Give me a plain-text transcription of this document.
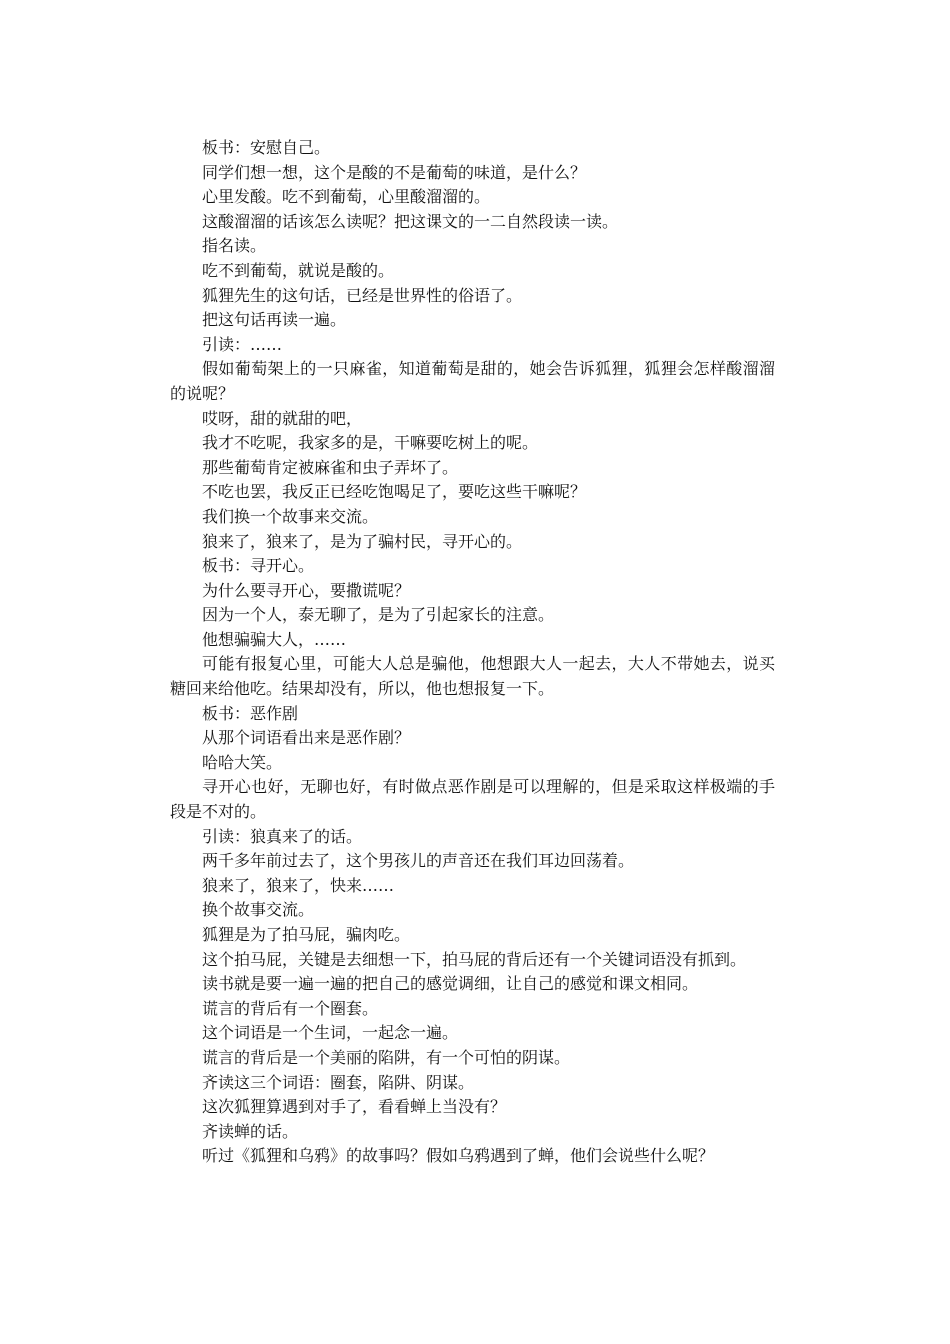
板书：安慰自己。

同学们想一想，这个是酸的不是葡萄的味道，是什么？

心里发酸。吃不到葡萄，心里酸溜溜的。

这酸溜溜的话该怎么读呢？把这课文的一二自然段读一读。

指名读。

吃不到葡萄，就说是酸的。

狐狸先生的这句话，已经是世界性的俗语了。

把这句话再读一遍。

引读：……

假如葡萄架上的一只麻雀，知道葡萄是甜的，她会告诉狐狸，狐狸会怎样酸溜溜的说呢？

哎呀，甜的就甜的吧，

我才不吃呢，我家多的是，干嘛要吃树上的呢。

那些葡萄肯定被麻雀和虫子弄坏了。

不吃也罢，我反正已经吃饱喝足了，要吃这些干嘛呢？

我们换一个故事来交流。

狼来了，狼来了，是为了骗村民，寻开心的。

板书：寻开心。

为什么要寻开心，要撒谎呢？

因为一个人，泰无聊了，是为了引起家长的注意。

他想骗骗大人，……

可能有报复心里，可能大人总是骗他，他想跟大人一起去，大人不带她去，说买糖回来给他吃。结果却没有，所以，他也想报复一下。

板书：恶作剧

从那个词语看出来是恶作剧？

哈哈大笑。

寻开心也好，无聊也好，有时做点恶作剧是可以理解的，但是采取这样极端的手段是不对的。

引读：狼真来了的话。

两千多年前过去了，这个男孩儿的声音还在我们耳边回荡着。

狼来了，狼来了，快来……

换个故事交流。

狐狸是为了拍马屁，骗肉吃。

这个拍马屁，关键是去细想一下，拍马屁的背后还有一个关键词语没有抓到。

读书就是要一遍一遍的把自己的感觉调细，让自己的感觉和课文相同。

谎言的背后有一个圈套。

这个词语是一个生词，一起念一遍。

谎言的背后是一个美丽的陷阱，有一个可怕的阴谋。

齐读这三个词语：圈套，陷阱、阴谋。

这次狐狸算遇到对手了，看看蝉上当没有？

齐读蝉的话。

听过《狐狸和乌鸦》的故事吗？假如乌鸦遇到了蝉，他们会说些什么呢？
